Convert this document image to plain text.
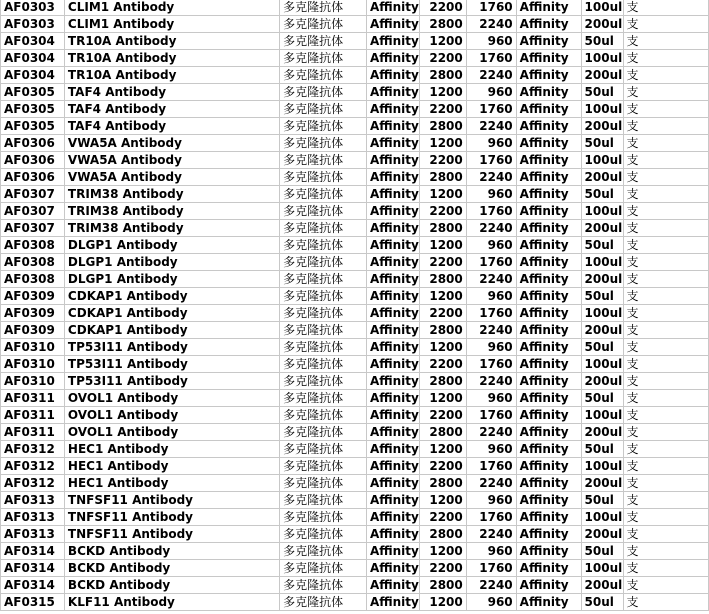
AF0303	CLIM1 Antibody	多克隆抗体	Affinity	2200	1760	Affinity	100ul	支
AF0303	CLIM1 Antibody	多克隆抗体	Affinity	2800	2240	Affinity	200ul	支
AF0304	TR10A Antibody	多克隆抗体	Affinity	1200	960	Affinity	50ul	支
AF0304	TR10A Antibody	多克隆抗体	Affinity	2200	1760	Affinity	100ul	支
AF0304	TR10A Antibody	多克隆抗体	Affinity	2800	2240	Affinity	200ul	支
AF0305	TAF4 Antibody	多克隆抗体	Affinity	1200	960	Affinity	50ul	支
AF0305	TAF4 Antibody	多克隆抗体	Affinity	2200	1760	Affinity	100ul	支
AF0305	TAF4 Antibody	多克隆抗体	Affinity	2800	2240	Affinity	200ul	支
AF0306	VWA5A Antibody	多克隆抗体	Affinity	1200	960	Affinity	50ul	支
AF0306	VWA5A Antibody	多克隆抗体	Affinity	2200	1760	Affinity	100ul	支
AF0306	VWA5A Antibody	多克隆抗体	Affinity	2800	2240	Affinity	200ul	支
AF0307	TRIM38 Antibody	多克隆抗体	Affinity	1200	960	Affinity	50ul	支
AF0307	TRIM38 Antibody	多克隆抗体	Affinity	2200	1760	Affinity	100ul	支
AF0307	TRIM38 Antibody	多克隆抗体	Affinity	2800	2240	Affinity	200ul	支
AF0308	DLGP1 Antibody	多克隆抗体	Affinity	1200	960	Affinity	50ul	支
AF0308	DLGP1 Antibody	多克隆抗体	Affinity	2200	1760	Affinity	100ul	支
AF0308	DLGP1 Antibody	多克隆抗体	Affinity	2800	2240	Affinity	200ul	支
AF0309	CDKAP1 Antibody	多克隆抗体	Affinity	1200	960	Affinity	50ul	支
AF0309	CDKAP1 Antibody	多克隆抗体	Affinity	2200	1760	Affinity	100ul	支
AF0309	CDKAP1 Antibody	多克隆抗体	Affinity	2800	2240	Affinity	200ul	支
AF0310	TP53I11 Antibody	多克隆抗体	Affinity	1200	960	Affinity	50ul	支
AF0310	TP53I11 Antibody	多克隆抗体	Affinity	2200	1760	Affinity	100ul	支
AF0310	TP53I11 Antibody	多克隆抗体	Affinity	2800	2240	Affinity	200ul	支
AF0311	OVOL1 Antibody	多克隆抗体	Affinity	1200	960	Affinity	50ul	支
AF0311	OVOL1 Antibody	多克隆抗体	Affinity	2200	1760	Affinity	100ul	支
AF0311	OVOL1 Antibody	多克隆抗体	Affinity	2800	2240	Affinity	200ul	支
AF0312	HEC1 Antibody	多克隆抗体	Affinity	1200	960	Affinity	50ul	支
AF0312	HEC1 Antibody	多克隆抗体	Affinity	2200	1760	Affinity	100ul	支
AF0312	HEC1 Antibody	多克隆抗体	Affinity	2800	2240	Affinity	200ul	支
AF0313	TNFSF11 Antibody	多克隆抗体	Affinity	1200	960	Affinity	50ul	支
AF0313	TNFSF11 Antibody	多克隆抗体	Affinity	2200	1760	Affinity	100ul	支
AF0313	TNFSF11 Antibody	多克隆抗体	Affinity	2800	2240	Affinity	200ul	支
AF0314	BCKD Antibody	多克隆抗体	Affinity	1200	960	Affinity	50ul	支
AF0314	BCKD Antibody	多克隆抗体	Affinity	2200	1760	Affinity	100ul	支
AF0314	BCKD Antibody	多克隆抗体	Affinity	2800	2240	Affinity	200ul	支
AF0315	KLF11 Antibody	多克隆抗体	Affinity	1200	960	Affinity	50ul	支
